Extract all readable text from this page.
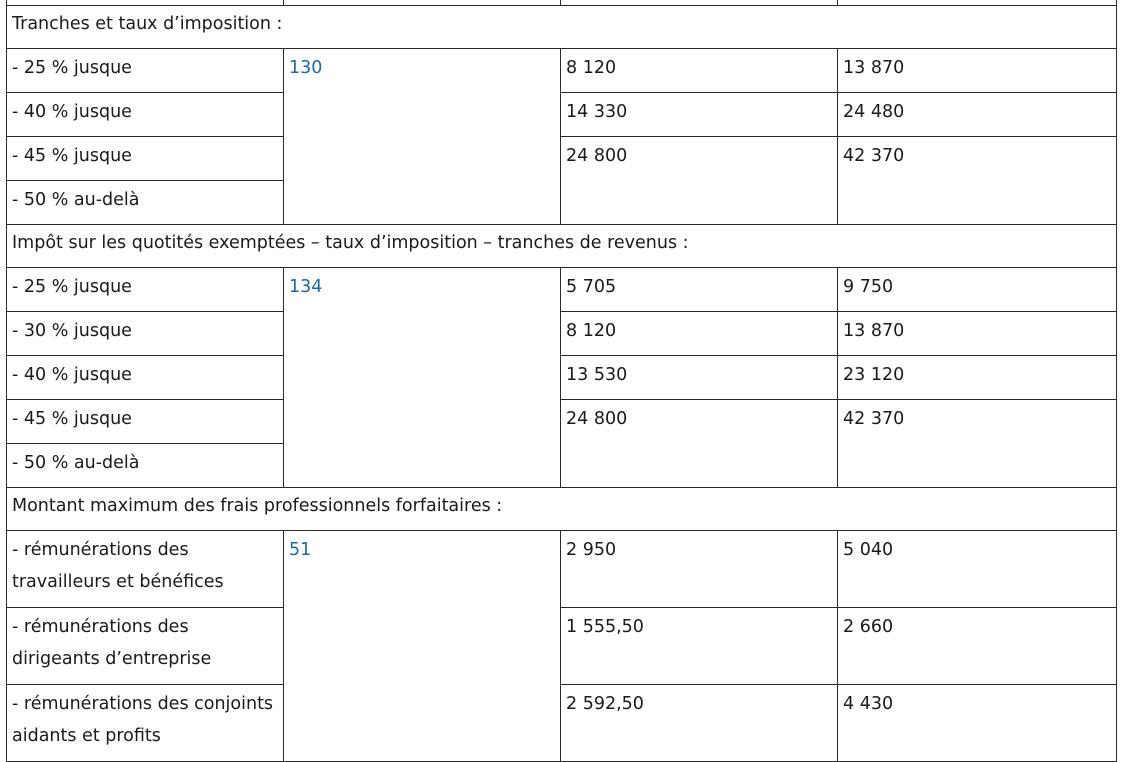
Tranches et taux d’imposition :			
- 25 % jusque	130	8 120	13 870
- 40 % jusque		14 330	24 480
- 45 % jusque		24 800	42 370
- 50 % au-delà			
Impôt sur les quotités exemptées – taux d’imposition – tranches de revenus :			
- 25 % jusque	134	5 705	9 750
- 30 % jusque		8 120	13 870
- 40 % jusque		13 530	23 120
- 45 % jusque		24 800	42 370
- 50 % au-delà			
Montant maximum des frais professionnels forfaitaires :			
- rémunérations des travailleurs et bénéfices	51	2 950	5 040
- rémunérations des dirigeants d’entreprise		1 555,50	2 660
- rémunérations des conjoints aidants et profits		2 592,50	4 430
